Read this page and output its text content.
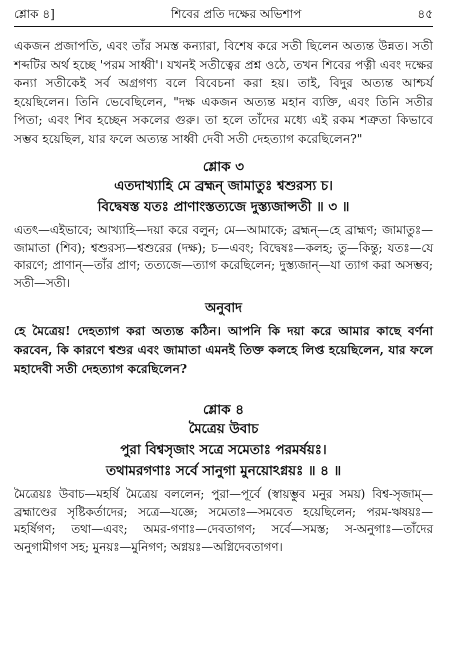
শ্লোক ৪]	শিবের প্রতি দক্ষের অভিশাপ	৪৫

একজন প্রজাপতি, এবং তাঁর সমস্ত কন্যারা, বিশেষ করে সতী ছিলেন অত্যন্ত উন্নত। সতী শব্দটির অর্থ হচ্ছে 'পরম সাধ্বী'। যখনই সতীত্বের প্রশ্ন ওঠে, তখন শিবের পত্নী এবং দক্ষের কন্যা সতীকেই সর্ব অগ্রগণ্য বলে বিবেচনা করা হয়। তাই, বিদুর অত্যন্ত আশ্চর্য হয়েছিলেন। তিনি ভেবেছিলেন, "দক্ষ একজন অত্যন্ত মহান ব্যক্তি, এবং তিনি সতীর পিতা; এবং শিব হচ্ছেন সকলের গুরু। তা হলে তাঁদের মধ্যে এই রকম শত্রুতা কিভাবে সম্ভব হয়েছিল, যার ফলে অত্যন্ত সাধ্বী দেবী সতী দেহত্যাগ করেছিলেন?"

শ্লোক ৩
এতদাখ্যাহি মে ব্রহ্মন্ জামাতুঃ শ্বশুরস্য চ।
বিদ্বেষস্ত যতঃ প্রাণাংস্তত্যজে দুস্ত্যজান্সতী ॥ ৩ ॥

এতৎ—এইভাবে; আখ্যাহি—দয়া করে বলুন; মে—আমাকে; ব্রহ্মন্—হে ব্রাহ্মণ; জামাতুঃ—জামাতা (শিব); শ্বশুরস্য—শ্বশুরের (দক্ষ); চ—এবং; বিদ্বেষঃ—কলহ; তু—কিন্তু; যতঃ—যে কারণে; প্রাণান্—তাঁর প্রাণ; তত্যজে—ত্যাগ করেছিলেন; দুস্ত্যজান্—যা ত্যাগ করা অসম্ভব; সতী—সতী।

অনুবাদ

হে মৈত্রেয়! দেহত্যাগ করা অত্যন্ত কঠিন। আপনি কি দয়া করে আমার কাছে বর্ণনা করবেন, কি কারণে শ্বশুর এবং জামাতা এমনই তিক্ত কলহে লিপ্ত হয়েছিলেন, যার ফলে মহাদেবী সতী দেহত্যাগ করেছিলেন?

শ্লোক ৪
মৈত্রেয় উবাচ
পুরা বিশ্বসৃজাং সত্রে সমেতাঃ পরমর্ষয়ঃ।
তথামরগণাঃ সর্বে সানুগা মুনয়োঽগ্নয়ঃ ॥ ৪ ॥

মৈত্রেয়ঃ উবাচ—মহর্ষি মৈত্রেয় বললেন; পুরা—পূর্বে (স্বায়ম্ভুব মনুর সময়) বিশ্ব-সৃজাম্—ব্রহ্মাণ্ডের সৃষ্টিকর্তাদের; সত্রে—যজ্ঞে; সমেতাঃ—সমবেত হয়েছিলেন; পরম-ঋষয়ঃ—মহর্ষিগণ; তথা—এবং; অমর-গণাঃ—দেবতাগণ; সর্বে—সমস্ত; স-অনুগাঃ—তাঁদের অনুগামীগণ সহ; মুনয়ঃ—মুনিগণ; অগ্নয়ঃ—অগ্নিদেবতাগণ।
